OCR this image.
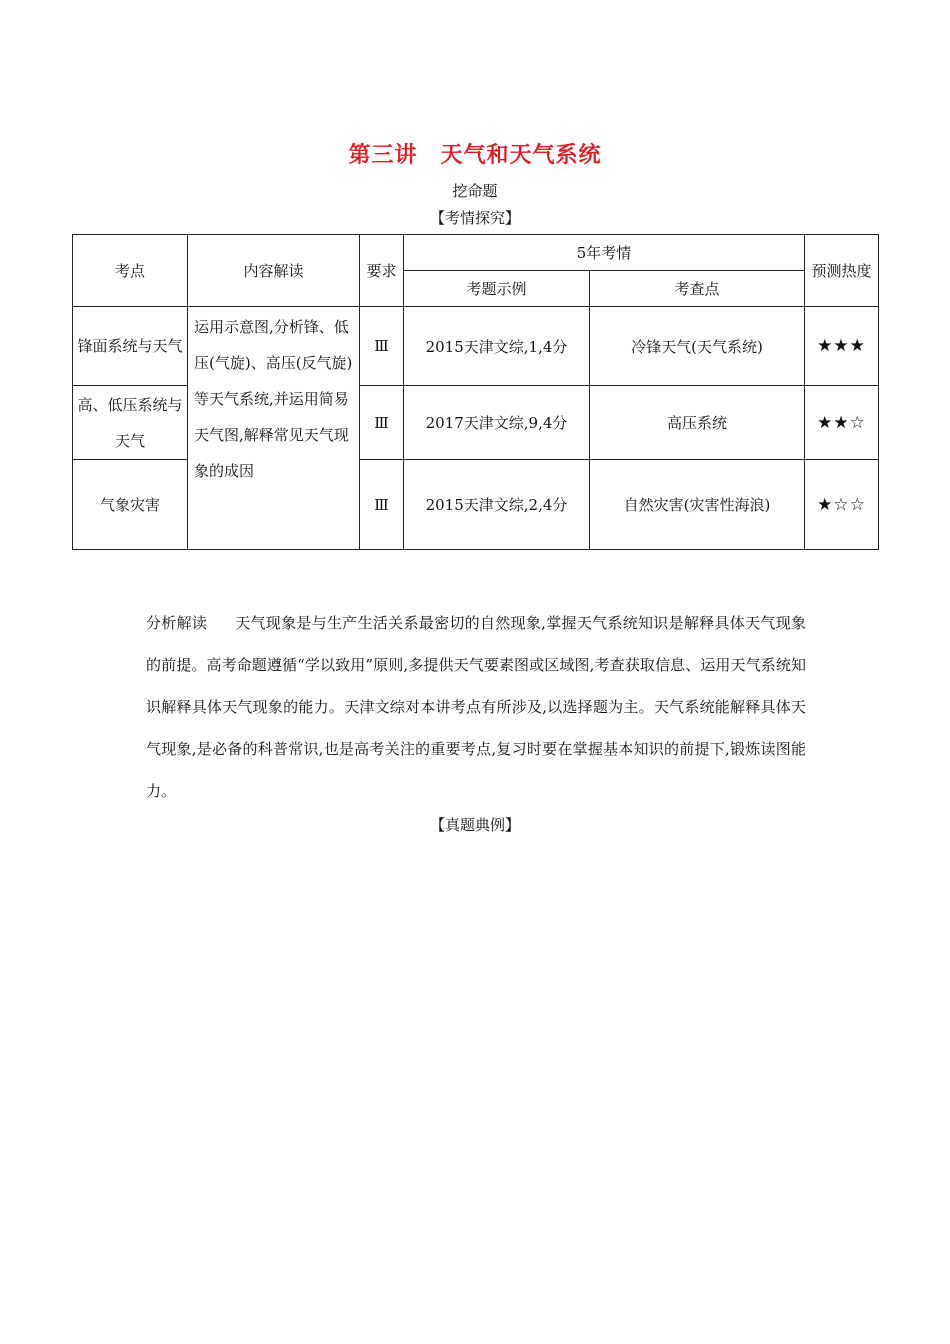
第三讲　天气和天气系统
挖命题
【考情探究】
考点	内容解读	要求	5年考情		预测热度
			考题示例	考查点	
锋面系统与天气	运用示意图,分析锋、低压(气旋)、高压(反气旋)等天气系统,并运用简易天气图,解释常见天气现象的成因	Ⅲ	2015天津文综,1,4分	冷锋天气(天气系统)	★★★
高、低压系统与天气		Ⅲ	2017天津文综,9,4分	高压系统	★★☆
气象灾害		Ⅲ	2015天津文综,2,4分	自然灾害(灾害性海浪)	★☆☆
分析解读 天气现象是与生产生活关系最密切的自然现象,掌握天气系统知识是解释具体天气现象的前提。高考命题遵循“学以致用”原则,多提供天气要素图或区域图,考查获取信息、运用天气系统知识解释具体天气现象的能力。天津文综对本讲考点有所涉及,以选择题为主。天气系统能解释具体天气现象,是必备的科普常识,也是高考关注的重要考点,复习时要在掌握基本知识的前提下,锻炼读图能力。
【真题典例】
